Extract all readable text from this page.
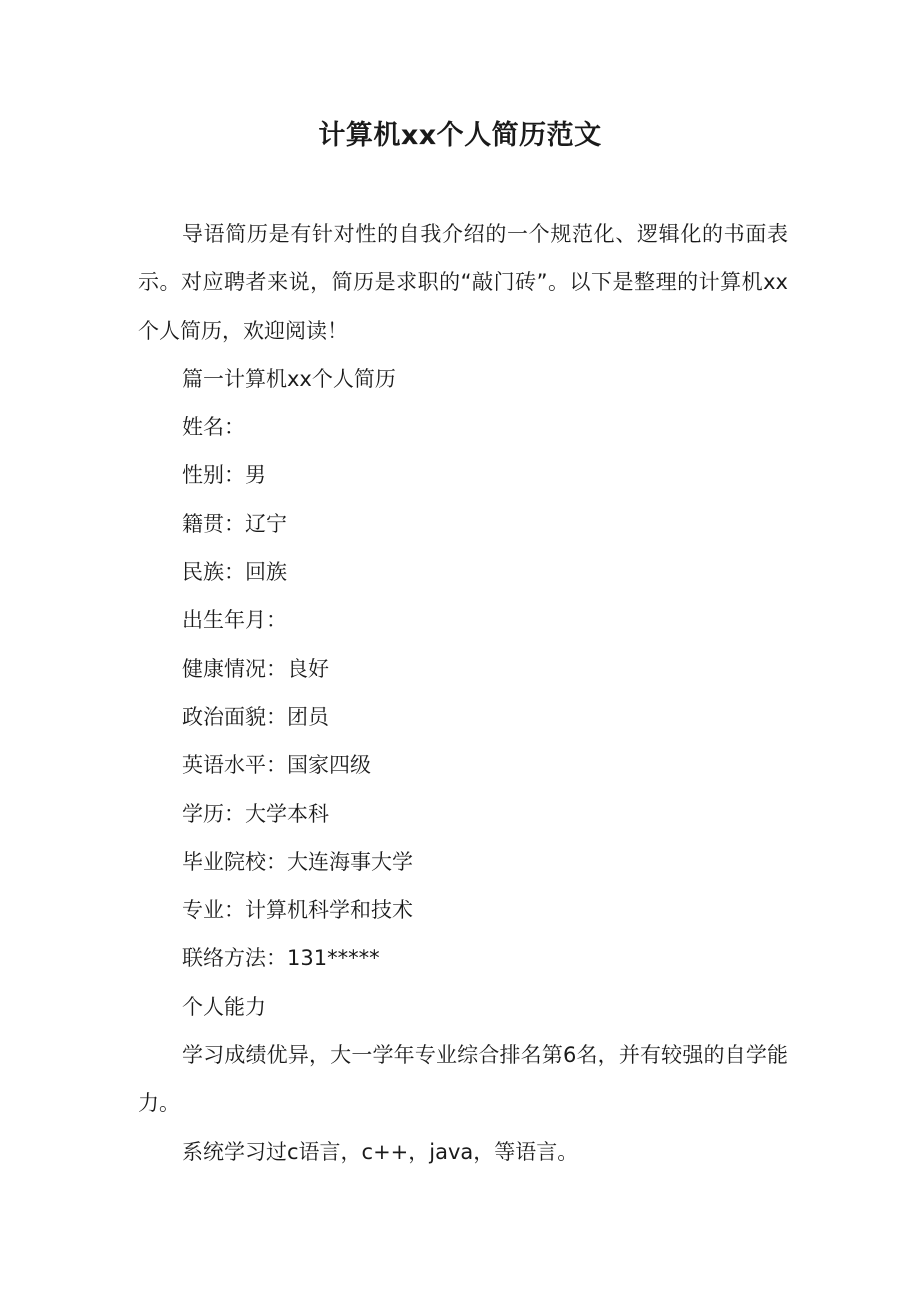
计算机xx个人简历范文

导语简历是有针对性的自我介绍的一个规范化、逻辑化的书面表示。对应聘者来说，简历是求职的“敲门砖”。以下是整理的计算机xx个人简历，欢迎阅读！

篇一计算机xx个人简历

姓名：

性别：男

籍贯：辽宁

民族：回族

出生年月：

健康情况：良好

政治面貌：团员

英语水平：国家四级

学历：大学本科

毕业院校：大连海事大学

专业：计算机科学和技术

联络方法：131*****

个人能力

学习成绩优异，大一学年专业综合排名第6名，并有较强的自学能力。

系统学习过c语言，c++，java，等语言。
